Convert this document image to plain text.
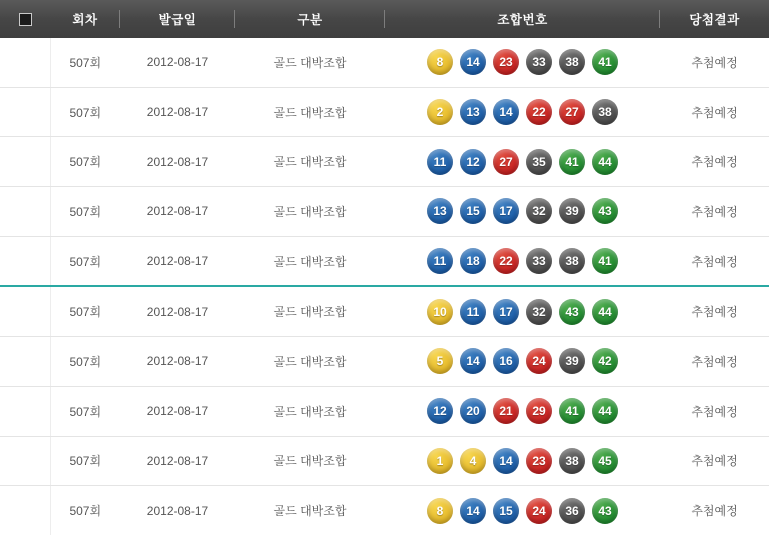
회차	발급일	구분	조합번호	당첨결과

	507회	2012-08-17	골드 대박조합	8	14	23	33	38	41	추첨예정
	507회	2012-08-17	골드 대박조합	2	13	14	22	27	38	추첨예정
	507회	2012-08-17	골드 대박조합	11	12	27	35	41	44	추첨예정
	507회	2012-08-17	골드 대박조합	13	15	17	32	39	43	추첨예정
	507회	2012-08-17	골드 대박조합	11	18	22	33	38	41	추첨예정
	507회	2012-08-17	골드 대박조합	10	11	17	32	43	44	추첨예정
	507회	2012-08-17	골드 대박조합	5	14	16	24	39	42	추첨예정
	507회	2012-08-17	골드 대박조합	12	20	21	29	41	44	추첨예정
	507회	2012-08-17	골드 대박조합	1	4	14	23	38	45	추첨예정
	507회	2012-08-17	골드 대박조합	8	14	15	24	36	43	추첨예정
